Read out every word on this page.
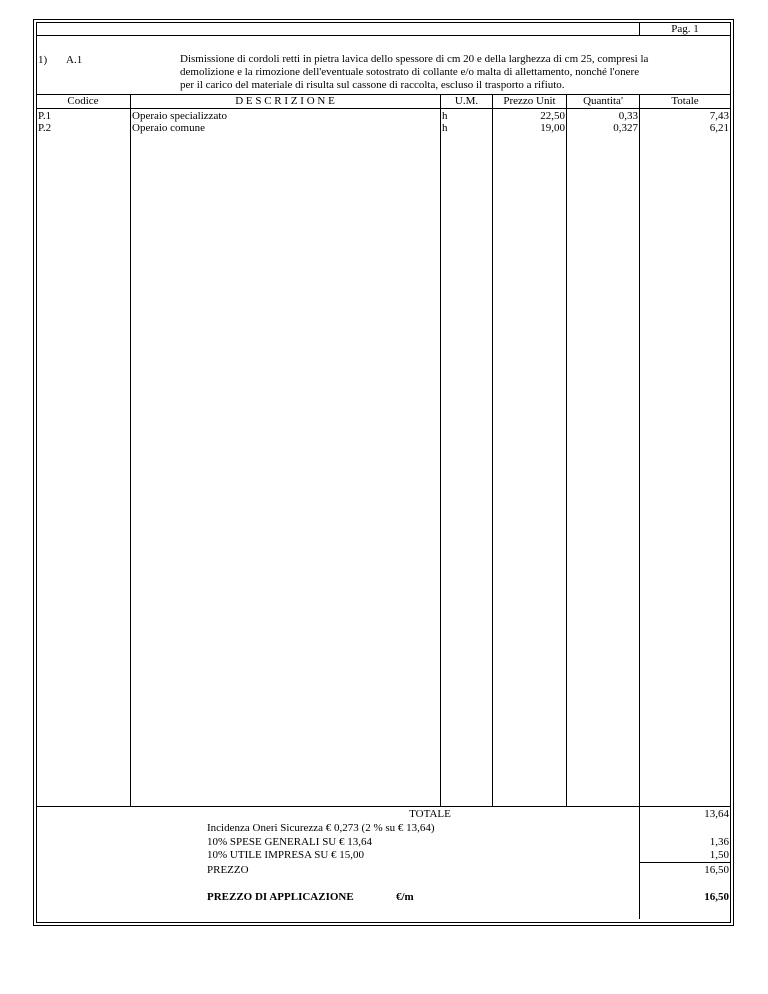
Pag. 1
1) A.1	Dismissione di cordoli retti in pietra lavica dello spessore di cm 20 e della larghezza di cm 25, compresi la

demolizione e la rimozione dell'eventuale sotostrato di collante e/o malta di allettamento, nonché l'onere

per il carico del materiale di risulta sul cassone di raccolta, escluso il trasporto a rifiuto.

Codice	D E S C R I Z I O N E	U.M.	Prezzo Unit	Quantita'	Totale
P.1	Operaio specializzato	h	22,50	0,33	7,43
P.2	Operaio comune	h	19,00	0,327	6,21
TOTALE	13,64
Incidenza Oneri Sicurezza € 0,273 (2 % su € 13,64)
10% SPESE GENERALI SU € 13,64	1,36
10% UTILE IMPRESA SU € 15,00	1,50
PREZZO	16,50
PREZZO DI APPLICAZIONE	€/m	16,50
